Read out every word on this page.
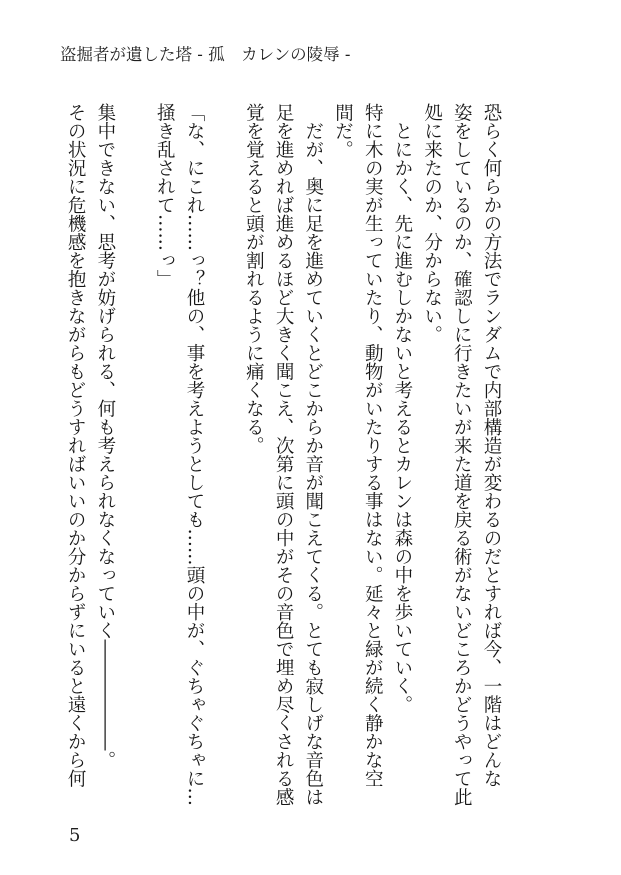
盗掘者が遺した塔 - 孤　カレンの陵辱 -
恐らく何らかの方法でランダムで内部構造が変わるのだとすれば今、一階はどんな
姿をしているのか、確認しに行きたいが来た道を戻る術がないどころかどうやって此
処に来たのか、分からない。
　とにかく、先に進むしかないと考えるとカレンは森の中を歩いていく。
特に木の実が生っていたり、動物がいたりする事はない。延々と緑が続く静かな空
間だ。
　だが、奥に足を進めていくとどこからか音が聞こえてくる。とても寂しげな音色は
足を進めれば進めるほど大きく聞こえ、次第に頭の中がその音色で埋め尽くされる感
覚を覚えると頭が割れるように痛くなる。
「な、にこれ……っ？他の、事を考えようとしても……頭の中が、ぐちゃぐちゃに…
掻き乱されて……っ」
集中できない、思考が妨げられる、何も考えられなくなっていく――――――。
その状況に危機感を抱きながらもどうすればいいのか分からずにいると遠くから何
5
